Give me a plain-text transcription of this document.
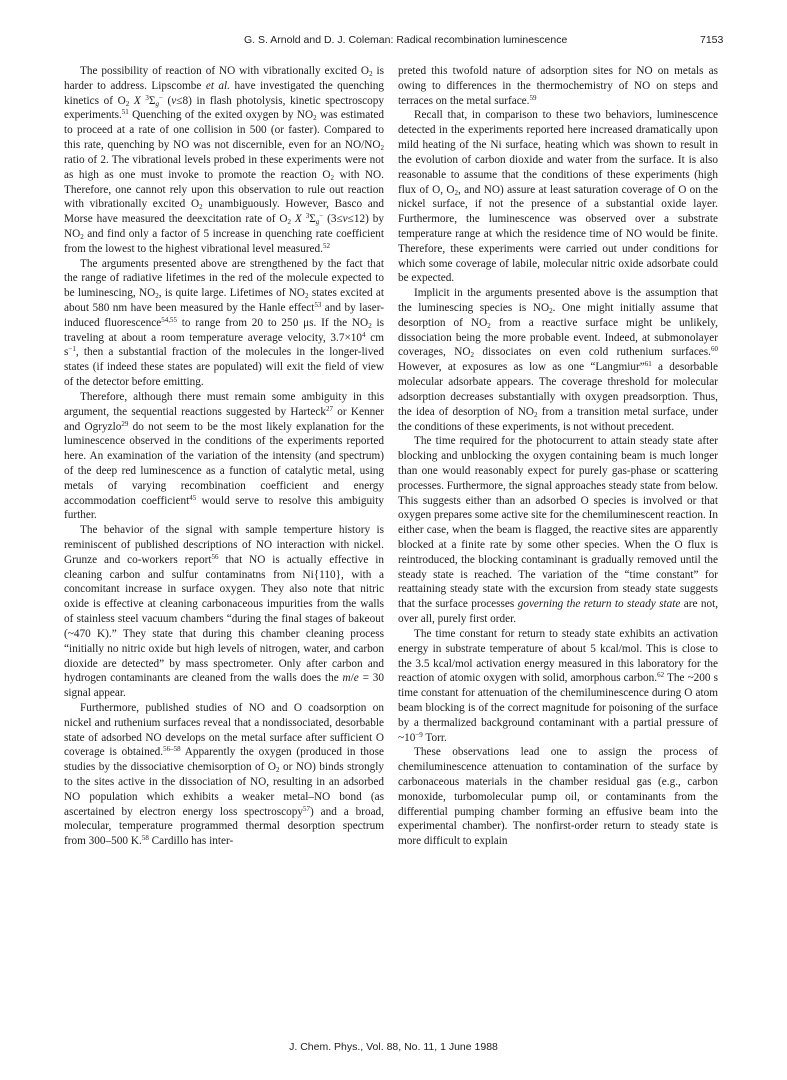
G. S. Arnold and D. J. Coleman: Radical recombination luminescence	7153

The possibility of reaction of NO with vibrationally excited $O_2$ is harder to address. Lipscombe et al. have investigated the quenching kinetics of $O_2$ X $^3\Sigma_g^-$ (v≤8) in flash photolysis, kinetic spectroscopy experiments.$^{51}$ Quenching of the exited oxygen by $NO_2$ was estimated to proceed at a rate of one collision in 500 (or faster). Compared to this rate, quenching by NO was not discernible, even for an $NO/NO_2$ ratio of 2. The vibrational levels probed in these experiments were not as high as one must invoke to promote the reaction $O_2$ with NO. Therefore, one cannot rely upon this observation to rule out reaction with vibrationally excited $O_2$ unambiguously. However, Basco and Morse have measured the deexcitation rate of $O_2$ X $^3\Sigma_g^-$ (3≤v≤12) by $NO_2$ and find only a factor of 5 increase in quenching rate coefficient from the lowest to the highest vibrational level measured.$^{52}$

The arguments presented above are strengthened by the fact that the range of radiative lifetimes in the red of the molecule expected to be luminescing, $NO_2$, is quite large. Lifetimes of $NO_2$ states excited at about 580 nm have been measured by the Hanle effect$^{53}$ and by laser-induced fluorescence$^{54,55}$ to range from 20 to 250 μs. If the $NO_2$ is traveling at about a room temperature average velocity, $3.7\times 10^4$ cm $s^{-1}$, then a substantial fraction of the molecules in the longer-lived states (if indeed these states are populated) will exit the field of view of the detector before emitting.

Therefore, although there must remain some ambiguity in this argument, the sequential reactions suggested by Harteck$^{27}$ or Kenner and Ogryzlo$^{29}$ do not seem to be the most likely explanation for the luminescence observed in the conditions of the experiments reported here. An examination of the variation of the intensity (and spectrum) of the deep red luminescence as a function of catalytic metal, using metals of varying recombination coefficient and energy accommodation coefficient$^{45}$ would serve to resolve this ambiguity further.

The behavior of the signal with sample temperture history is reminiscent of published descriptions of NO interaction with nickel. Grunze and co-workers report$^{56}$ that NO is actually effective in cleaning carbon and sulfur contaminatns from Ni{110}, with a concomitant increase in surface oxygen. They also note that nitric oxide is effective at cleaning carbonaceous impurities from the walls of stainless steel vacuum chambers “during the final stages of bakeout (~470 K).” They state that during this chamber cleaning process “initially no nitric oxide but high levels of nitrogen, water, and carbon dioxide are detected” by mass spectrometer. Only after carbon and hydrogen contaminants are cleaned from the walls does the m/e = 30 signal appear.

Furthermore, published studies of NO and O coadsorption on nickel and ruthenium surfaces reveal that a nondissociated, desorbable state of adsorbed NO develops on the metal surface after sufficient O coverage is obtained.$^{56-58}$ Apparently the oxygen (produced in those studies by the dissociative chemisorption of $O_2$ or NO) binds strongly to the sites active in the dissociation of NO, resulting in an adsorbed NO population which exhibits a weaker metal–NO bond (as ascertained by electron energy loss spectroscopy$^{57}$) and a broad, molecular, temperature programmed thermal desorption spectrum from 300–500 K.$^{58}$ Cardillo has inter-

preted this twofold nature of adsorption sites for NO on metals as owing to differences in the thermochemistry of NO on steps and terraces on the metal surface.$^{59}$

Recall that, in comparison to these two behaviors, luminescence detected in the experiments reported here increased dramatically upon mild heating of the Ni surface, heating which was shown to result in the evolution of carbon dioxide and water from the surface. It is also reasonable to assume that the conditions of these experiments (high flux of O, $O_2$, and NO) assure at least saturation coverage of O on the nickel surface, if not the presence of a substantial oxide layer. Furthermore, the luminescence was observed over a substrate temperature range at which the residence time of NO would be finite. Therefore, these experiments were carried out under conditions for which some coverage of labile, molecular nitric oxide adsorbate could be expected.

Implicit in the arguments presented above is the assumption that the luminescing species is $NO_2$. One might initially assume that desorption of $NO_2$ from a reactive surface might be unlikely, dissociation being the more probable event. Indeed, at submonolayer coverages, $NO_2$ dissociates on even cold ruthenium surfaces.$^{60}$ However, at exposures as low as one “Langmiur”$^{61}$ a desorbable molecular adsorbate appears. The coverage threshold for molecular adsorption decreases substantially with oxygen preadsorption. Thus, the idea of desorption of $NO_2$ from a transition metal surface, under the conditions of these experiments, is not without precedent.

The time required for the photocurrent to attain steady state after blocking and unblocking the oxygen containing beam is much longer than one would reasonably expect for purely gas-phase or scattering processes. Furthermore, the signal approaches steady state from below. This suggests either than an adsorbed O species is involved or that oxygen prepares some active site for the chemiluminescent reaction. In either case, when the beam is flagged, the reactive sites are apparently blocked at a finite rate by some other species. When the O flux is reintroduced, the blocking contaminant is gradually removed until the steady state is reached. The variation of the “time constant” for reattaining steady state with the excursion from steady state suggests that the surface processes governing the return to steady state are not, over all, purely first order.

The time constant for return to steady state exhibits an activation energy in substrate temperature of about 5 kcal/mol. This is close to the 3.5 kcal/mol activation energy measured in this laboratory for the reaction of atomic oxygen with solid, amorphous carbon.$^{62}$ The ~200 s time constant for attenuation of the chemiluminescence during O atom beam blocking is of the correct magnitude for poisoning of the surface by a thermalized background contaminant with a partial pressure of $\sim 10^{-9}$ Torr.

These observations lead one to assign the process of chemiluminescence attenuation to contamination of the surface by carbonaceous materials in the chamber residual gas (e.g., carbon monoxide, turbomolecular pump oil, or contaminants from the differential pumping chamber forming an effusive beam into the experimental chamber). The nonfirst-order return to steady state is more difficult to explain

J. Chem. Phys., Vol. 88, No. 11, 1 June 1988
